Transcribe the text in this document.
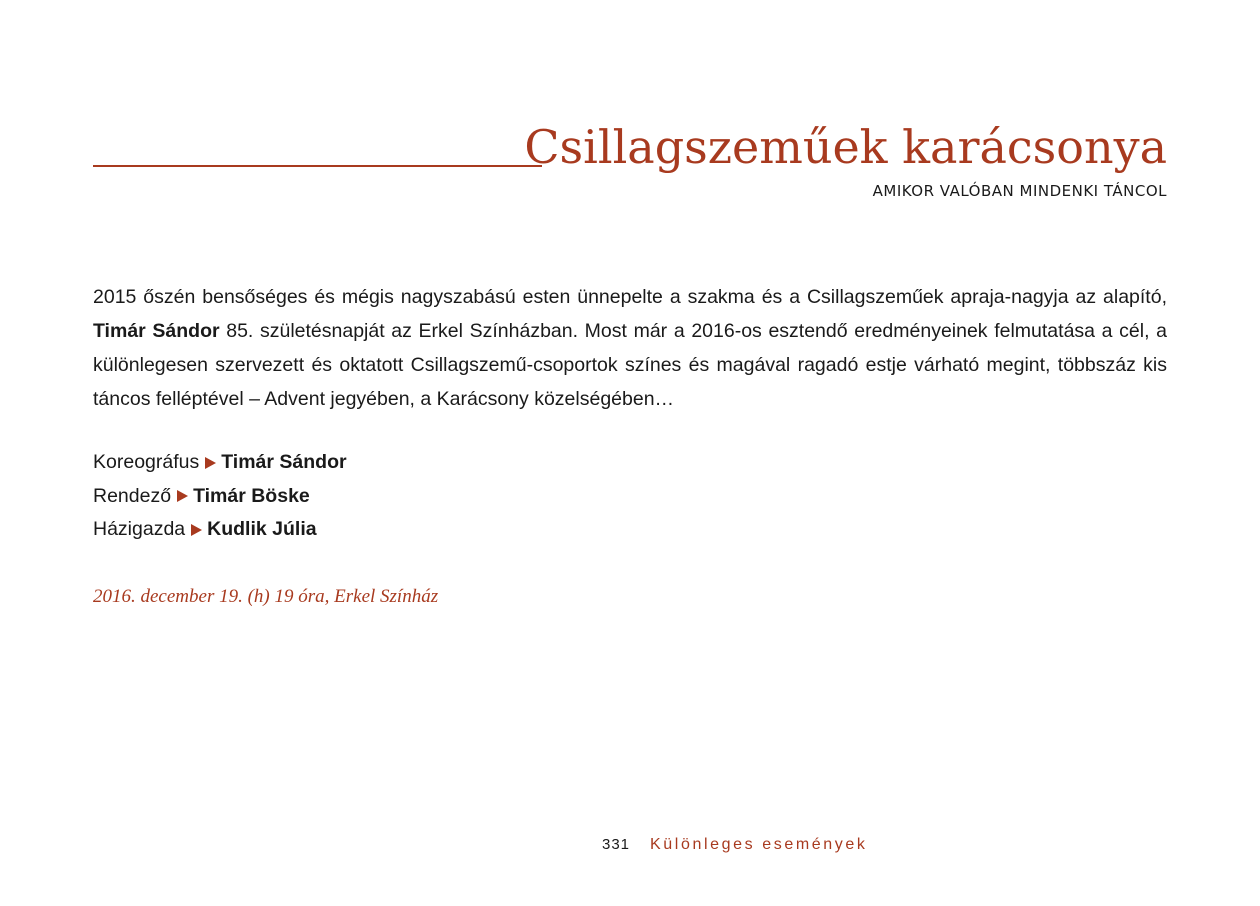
Csillagszeműek karácsonya
AMIKOR VALÓBAN MINDENKI TÁNCOL

2015 őszén bensőséges és mégis nagyszabású esten ünnepelte a szakma és a Csillagszeműek apraja-nagyja az alapító, Timár Sándor 85. születésnapját az Erkel Színházban. Most már a 2016-os esztendő eredményeinek felmutatása a cél, a különlegesen szervezett és oktatott Csillagszemű-csoportok színes és magával ragadó estje várható megint, többszáz kis táncos felléptével – Advent jegyében, a Karácsony közelségében…

Koreográfus Timár Sándor
Rendező Timár Böske
Házigazda Kudlik Júlia
2016. december 19. (h) 19 óra, Erkel Színház
331 Különleges események
